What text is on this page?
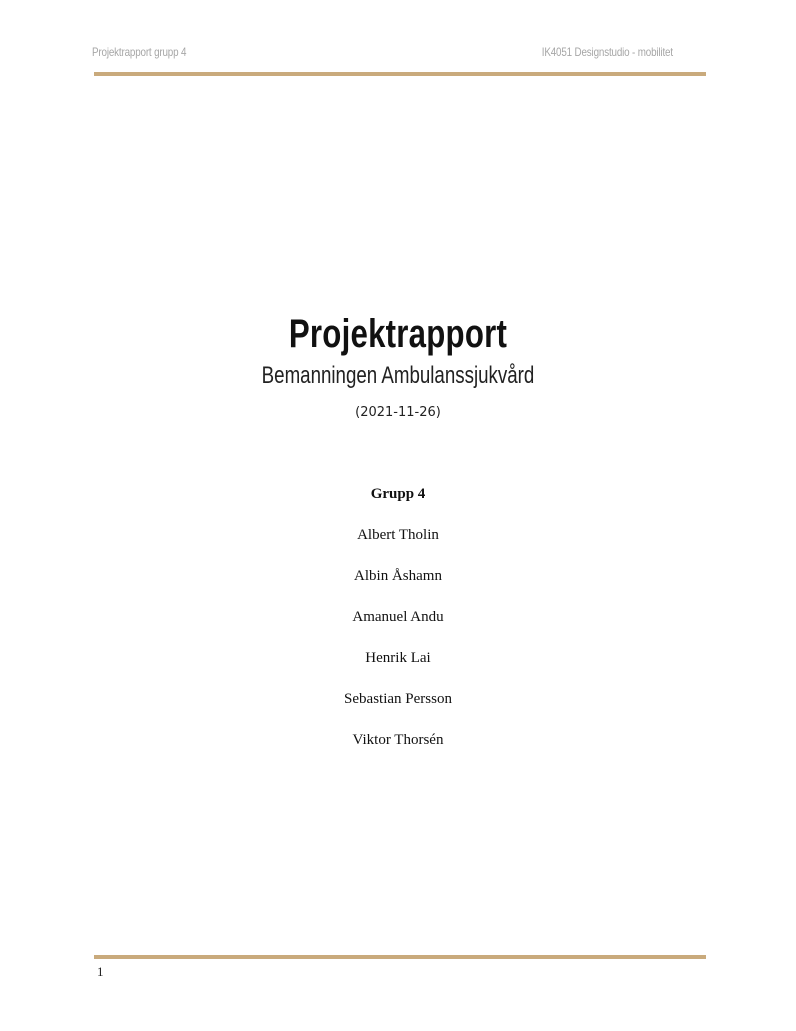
Projektrapport grupp 4	IK4051 Designstudio - mobilitet
Projektrapport
Bemanningen Ambulanssjukvård
(2021-11-26)
Grupp 4
Albert Tholin
Albin Åshamn
Amanuel Andu
Henrik Lai
Sebastian Persson
Viktor Thorsén
1
